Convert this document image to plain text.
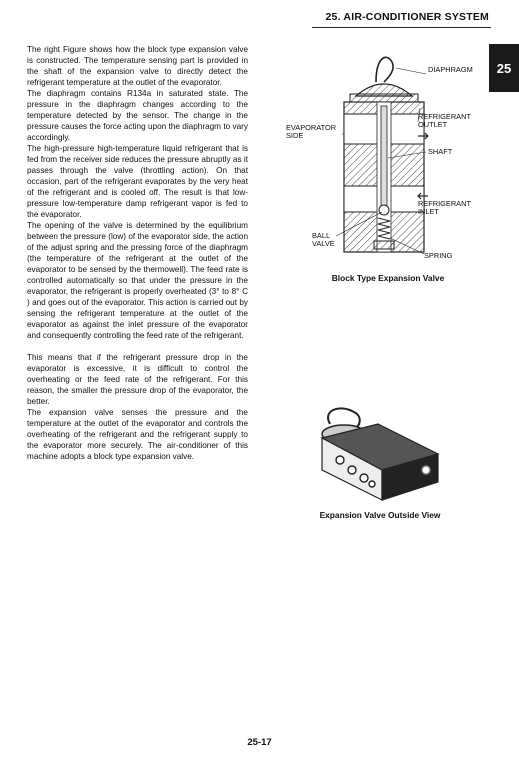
25. AIR-CONDITIONER SYSTEM
25

The right Figure shows how the block type expansion valve is constructed. The temperature sensing part is provided in the shaft of the expansion valve to directly detect the refrigerant temperature at the outlet of the evaporator.

The diaphragm contains R134a in saturated state. The pressure in the diaphragm changes according to the temperature detected by the sensor. The change in the pressure causes the force acting upon the diaphragm to vary accordingly.

The high-pressure high-temperature liquid refrigerant that is fed from the receiver side reduces the pressure abruptly as it passes through the valve (throttling action). On that occasion, part of the refrigerant evaporates by the very heat of the refrigerant and is cooled off. The result is that low-pressure low-temperature damp refrigerant vapor is fed to the evaporator.

The opening of the valve is determined by the equilibrium between the pressure (low) of the evaporator side, the action of the adjust spring and the pressing force of the diaphragm (the temperature of the refrigerant at the outlet of the evaporator to be sensed by the thermowell). The feed rate is controlled automatically so that under the pressure in the evaporator, the refrigerant is properly overheated (3° to 8° C ) and goes out of the evaporator. This action is carried out by sensing the refrigerant temperature at the outlet of the evaporator as against the inlet pressure of the evaporator and consequently controlling the feed rate of the refrigerant.

This means that if the refrigerant pressure drop in the evaporator is excessive, it is difficult to control the overheating or the feed rate of the refrigerant. For this reason, the smaller the pressure drop of the evaporator, the better.

The expansion valve senses the pressure and the temperature at the outlet of the evaporator and controls the overheating of the refrigerant and the refrigerant supply to the evaporator more securely. The air-conditioner of this machine adopts a block type expansion valve.

DIAPHRAGM
EVAPORATOR
SIDE
REFRIGERANT
OUTLET
SHAFT
REFRIGERANT
INLET
BALL
VALVE
SPRING
Block Type Expansion Valve
Expansion Valve Outside View
25-17
